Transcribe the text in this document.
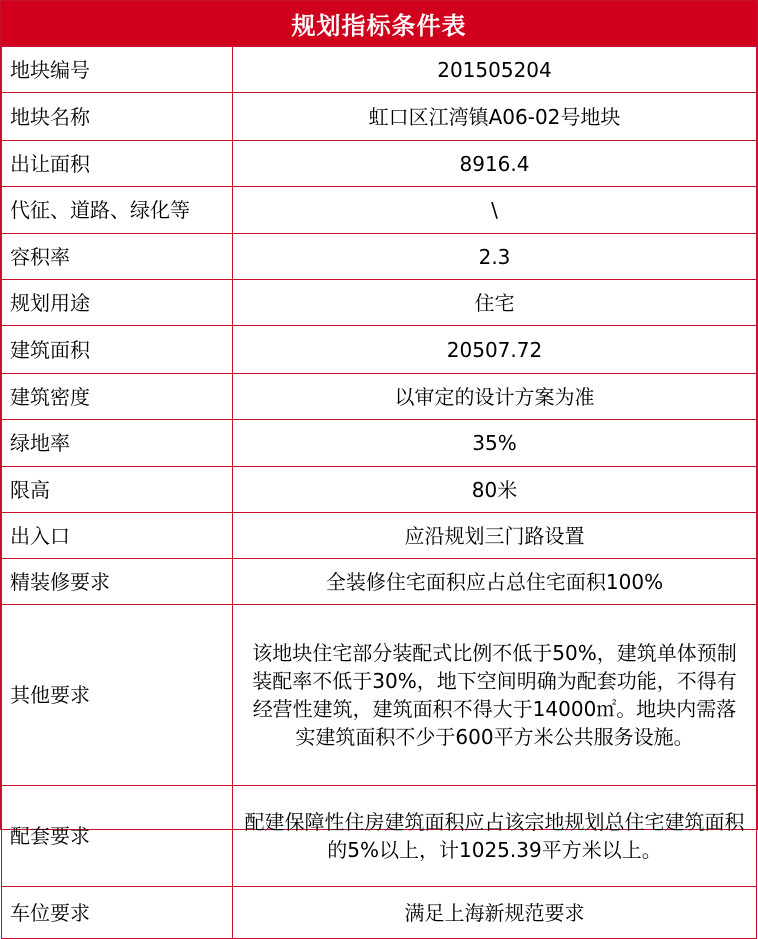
规划指标条件表
地块编号	201505204
地块名称	虹口区江湾镇A06-02号地块
出让面积	8916.4
代征、道路、绿化等	\
容积率	2.3
规划用途	住宅
建筑面积	20507.72
建筑密度	以审定的设计方案为准
绿地率	35%
限高	80米
出入口	应沿规划三门路设置
精装修要求	全装修住宅面积应占总住宅面积100%
其他要求	该地块住宅部分装配式比例不低于50%，建筑单体预制装配率不低于30%，地下空间明确为配套功能，不得有经营性建筑，建筑面积不得大于14000㎡。地块内需落实建筑面积不少于600平方米公共服务设施。
配套要求	配建保障性住房建筑面积应占该宗地规划总住宅建筑面积的5%以上，计1025.39平方米以上。
车位要求	满足上海新规范要求
